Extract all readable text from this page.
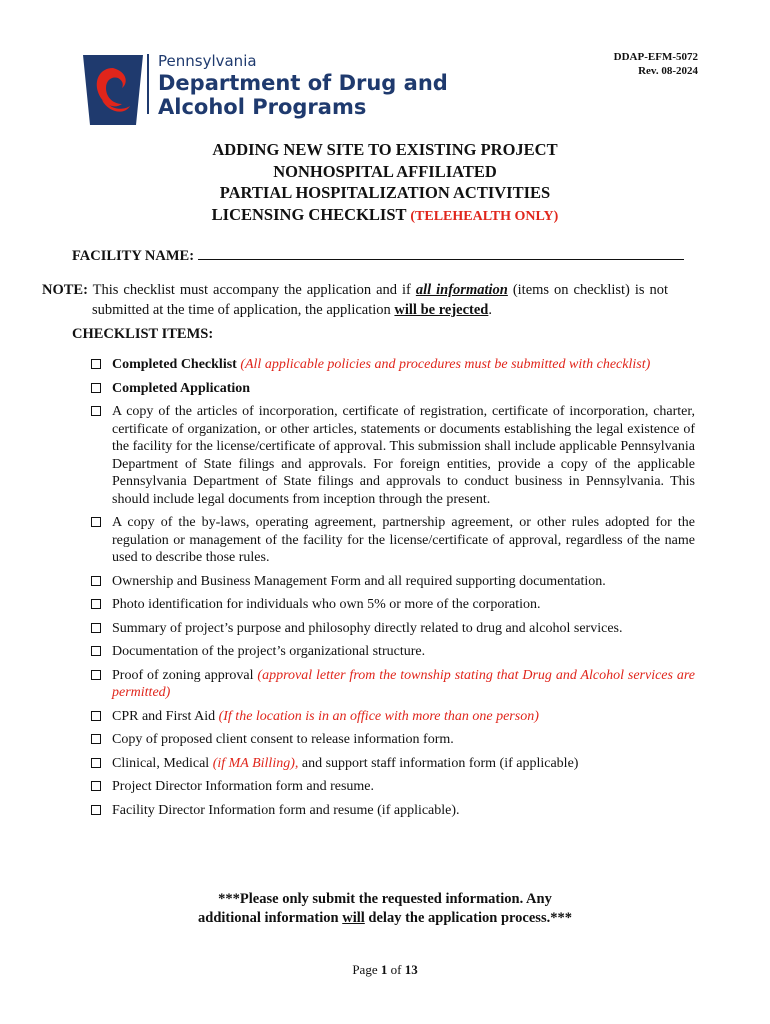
Pennsylvania
Department of Drug and
Alcohol Programs
DDAP-EFM-5072
Rev. 08-2024
ADDING NEW SITE TO EXISTING PROJECT
NONHOSPITAL AFFILIATED
PARTIAL HOSPITALIZATION ACTIVITIES
LICENSING CHECKLIST (TELEHEALTH ONLY)
FACILITY NAME:
NOTE: This checklist must accompany the application and if all information (items on checklist) is not submitted at the time of application, the application will be rejected.
CHECKLIST ITEMS:
Completed Checklist (All applicable policies and procedures must be submitted with checklist)
Completed Application
A copy of the articles of incorporation, certificate of registration, certificate of incorporation, charter, certificate of organization, or other articles, statements or documents establishing the legal existence of the facility for the license/certificate of approval. This submission shall include applicable Pennsylvania Department of State filings and approvals. For foreign entities, provide a copy of the applicable Pennsylvania Department of State filings and approvals to conduct business in Pennsylvania. This should include legal documents from inception through the present.
A copy of the by-laws, operating agreement, partnership agreement, or other rules adopted for the regulation or management of the facility for the license/certificate of approval, regardless of the name used to describe those rules.
Ownership and Business Management Form and all required supporting documentation.
Photo identification for individuals who own 5% or more of the corporation.
Summary of project’s purpose and philosophy directly related to drug and alcohol services.
Documentation of the project’s organizational structure.
Proof of zoning approval (approval letter from the township stating that Drug and Alcohol services are permitted)
CPR and First Aid (If the location is in an office with more than one person)
Copy of proposed client consent to release information form.
Clinical, Medical (if MA Billing), and support staff information form (if applicable)
Project Director Information form and resume.
Facility Director Information form and resume (if applicable).
***Please only submit the requested information. Any
additional information will delay the application process.***
Page 1 of 13
